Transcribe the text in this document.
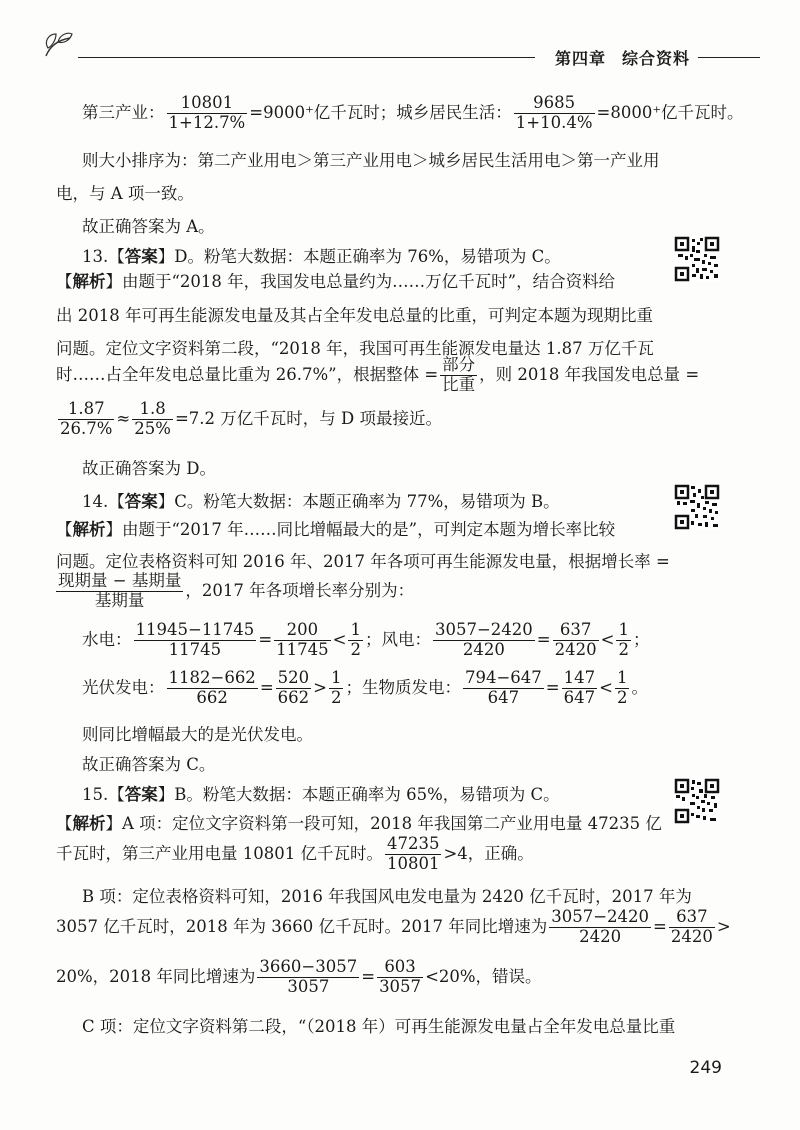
第四章 综合资料
第三产业： $\frac{10801}{1+12.7\%} =9000^+$亿千瓦时；城乡居民生活： $\frac{9685}{1+10.4\%} =8000^+$亿千瓦时。
则大小排序为：第二产业用电＞第三产业用电＞城乡居民生活用电＞第一产业用
电，与 A 项一致。
故正确答案为 A。
13.【答案】D。粉笔大数据：本题正确率为 76%，易错项为 C。
【解析】由题于“2018 年，我国发电总量约为……万亿千瓦时”，结合资料给
出 2018 年可再生能源发电量及其占全年发电总量的比重，可判定本题为现期比重
问题。定位文字资料第二段，“2018 年，我国可再生能源发电量达 1.87 万亿千瓦
时……占全年发电总量比重为 26.7%”，根据整体 = $\frac{\text{部分}}{\text{比重}}$ ，则 2018 年我国发电总量 =
$\frac{1.87}{26.7\%} \approx \frac{1.8}{25\%} =7.2$ 万亿千瓦时，与 D 项最接近。
故正确答案为 D。
14.【答案】C。粉笔大数据：本题正确率为 77%，易错项为 B。
【解析】由题于“2017 年……同比增幅最大的是”，可判定本题为增长率比较
问题。定位表格资料可知 2016 年、2017 年各项可再生能源发电量，根据增长率 =
$\frac{\text{现期量 − 基期量}}{\text{基期量}}$ ，2017 年各项增长率分别为：
水电： $\frac{11945-11745}{11745} = \frac{200}{11745} < \frac{1}{2}$ ；风电： $\frac{3057-2420}{2420} = \frac{637}{2420} < \frac{1}{2}$ ；
光伏发电： $\frac{1182-662}{662} = \frac{520}{662} > \frac{1}{2}$ ；生物质发电： $\frac{794-647}{647} = \frac{147}{647} < \frac{1}{2}$ 。
则同比增幅最大的是光伏发电。
故正确答案为 C。
15.【答案】B。粉笔大数据：本题正确率为 65%，易错项为 C。
【解析】A 项：定位文字资料第一段可知，2018 年我国第二产业用电量 47235 亿
千瓦时，第三产业用电量 10801 亿千瓦时。 $\frac{47235}{10801} >4$，正确。
B 项：定位表格资料可知，2016 年我国风电发电量为 2420 亿千瓦时，2017 年为
3057 亿千瓦时，2018 年为 3660 亿千瓦时。2017 年同比增速为 $\frac{3057-2420}{2420} = \frac{637}{2420}$ >
20%，2018 年同比增速为 $\frac{3660-3057}{3057} = \frac{603}{3057} <20\%$，错误。
C 项：定位文字资料第二段，“（2018 年）可再生能源发电量占全年发电总量比重
249
